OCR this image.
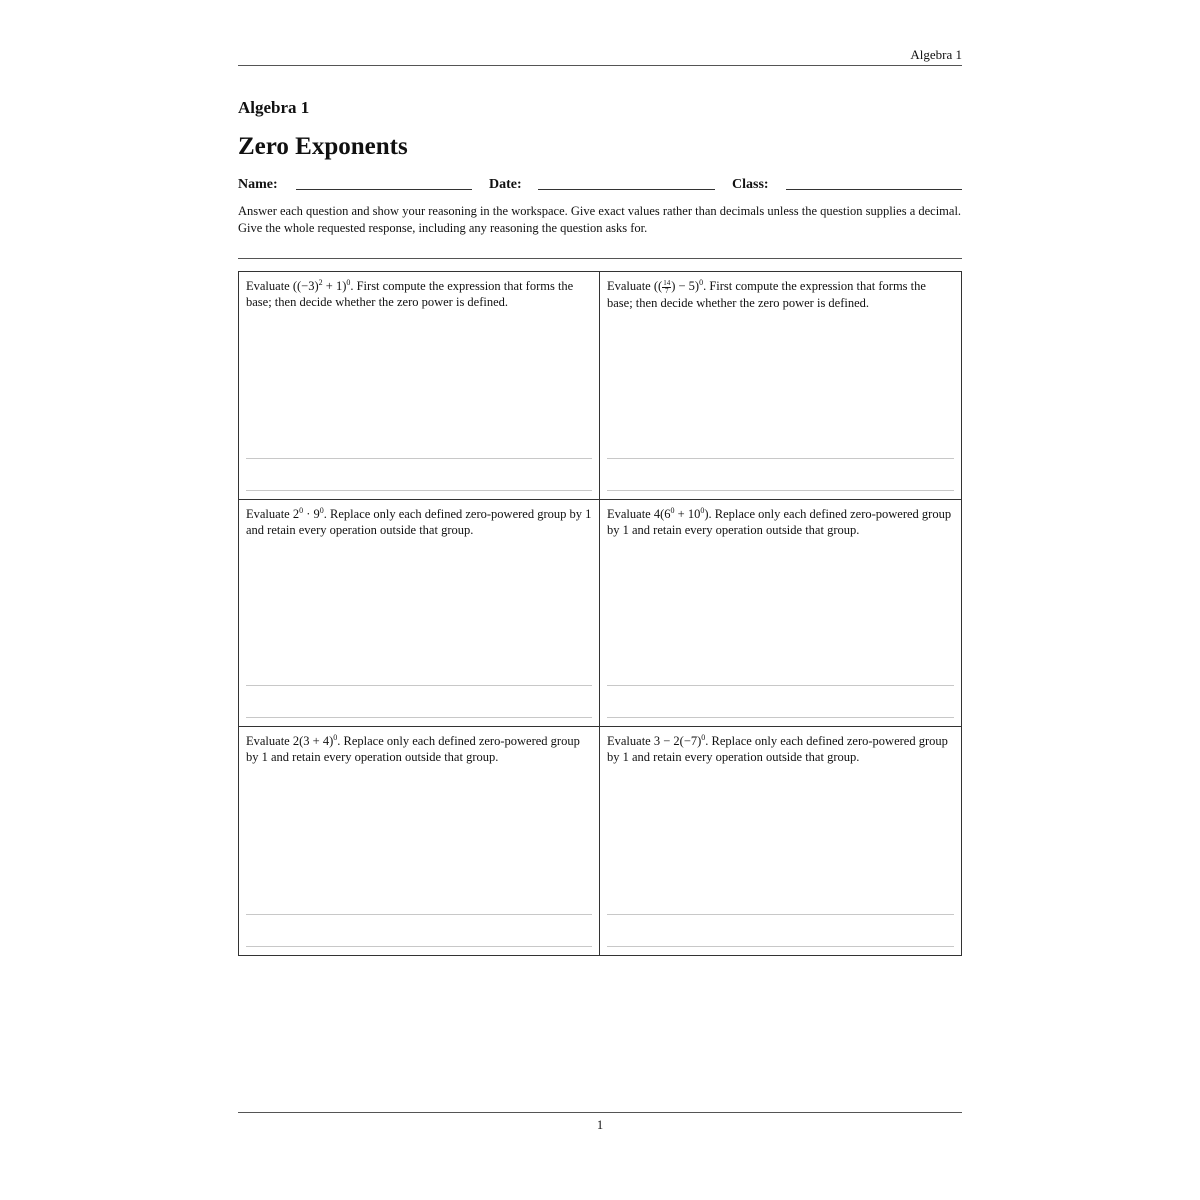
Algebra 1
Algebra 1
Zero Exponents
Name:	Date:	Class:

Answer each question and show your reasoning in the workspace. Give exact values rather than decimals unless the question supplies a decimal. Give the whole requested response, including any reasoning the question asks for.

Evaluate $((-3)^2 + 1)^0$. First compute the expression that forms the base; then decide whether the zero power is defined.

Evaluate (( $\frac{14}{7}$ ) − 5)$^0$. First compute the expression that forms the base; then decide whether the zero power is defined.

Evaluate $2^0 \cdot 9^0$. Replace only each defined zero-powered group by 1 and retain every operation outside that group.

Evaluate $4(6^0 + 10^0)$. Replace only each defined zero-powered group by 1 and retain every operation outside that group.

Evaluate $2(3 + 4)^0$. Replace only each defined zero-powered group by 1 and retain every operation outside that group.

Evaluate $3 - 2(-7)^0$. Replace only each defined zero-powered group by 1 and retain every operation outside that group.

1
